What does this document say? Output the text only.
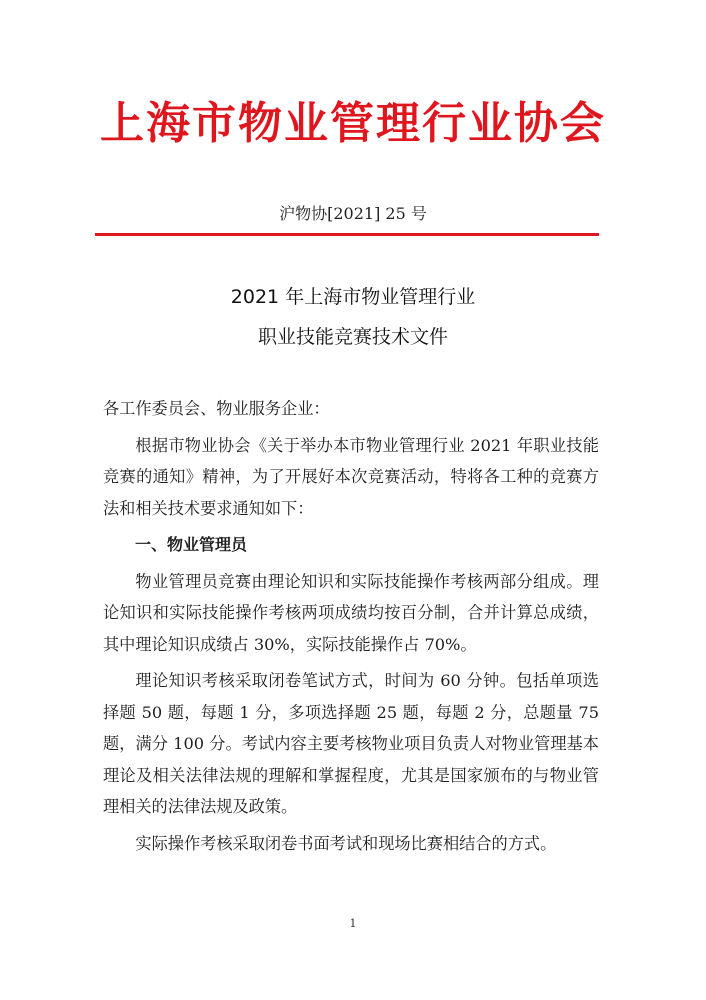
上海市物业管理行业协会
沪物协[2021] 25 号
2021 年上海市物业管理行业
职业技能竞赛技术文件

各工作委员会、物业服务企业：

根据市物业协会《关于举办本市物业管理行业 2021 年职业技能竞赛的通知》精神，为了开展好本次竞赛活动，特将各工种的竞赛方法和相关技术要求通知如下：

一、物业管理员

物业管理员竞赛由理论知识和实际技能操作考核两部分组成。理论知识和实际技能操作考核两项成绩均按百分制，合并计算总成绩，其中理论知识成绩占 30%，实际技能操作占 70%。

理论知识考核采取闭卷笔试方式，时间为 60 分钟。包括单项选择题 50 题，每题 1 分，多项选择题 25 题，每题 2 分，总题量 75 题，满分 100 分。考试内容主要考核物业项目负责人对物业管理基本理论及相关法律法规的理解和掌握程度，尤其是国家颁布的与物业管理相关的法律法规及政策。

实际操作考核采取闭卷书面考试和现场比赛相结合的方式。

1
